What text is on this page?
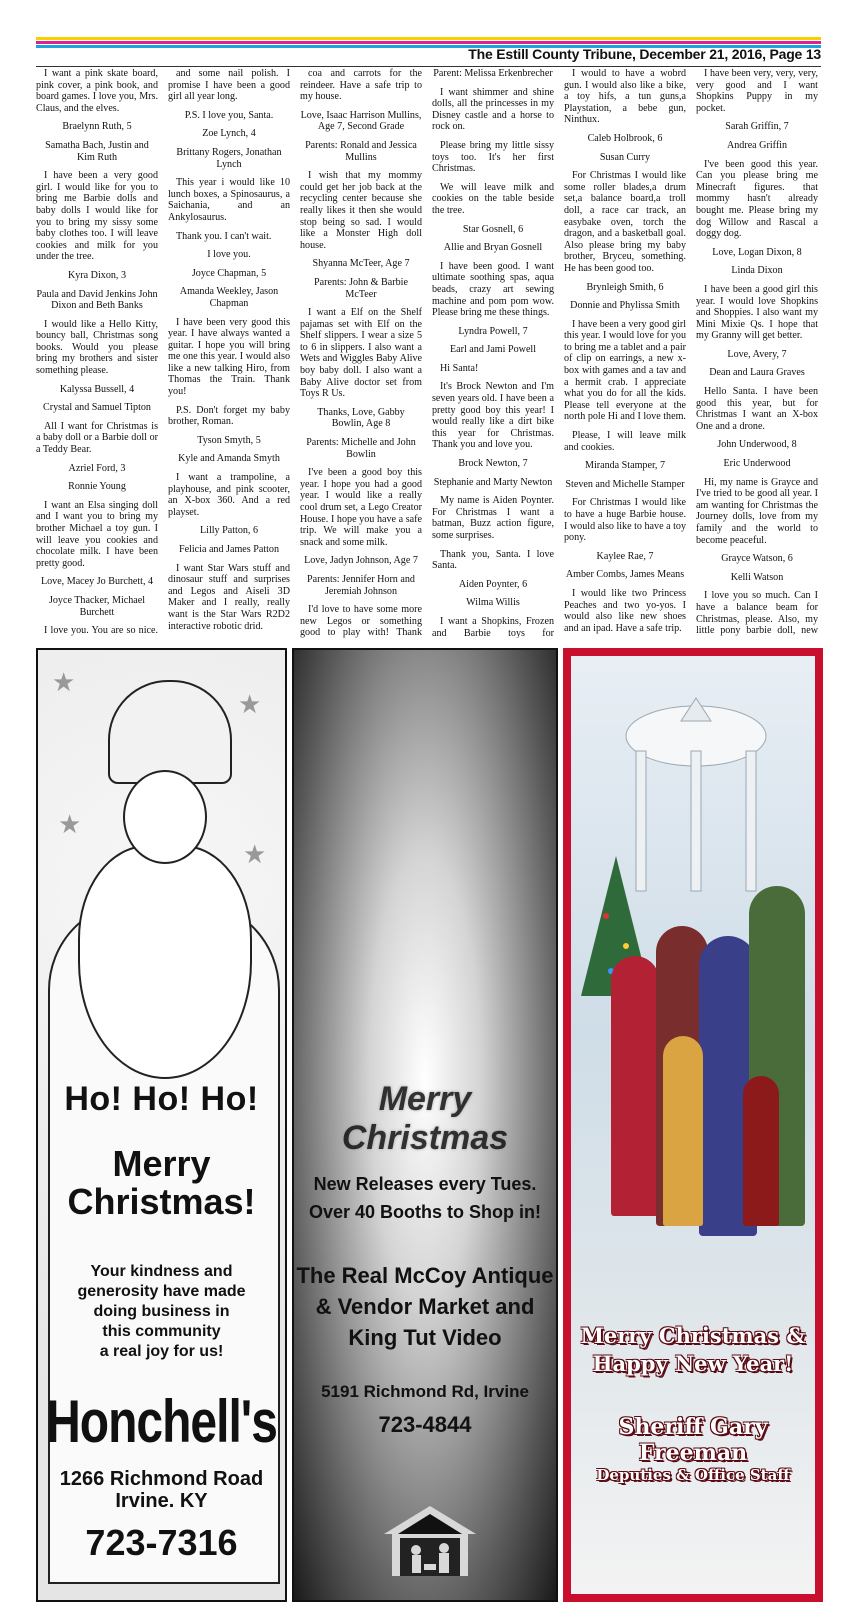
The Estill County Tribune, December 21, 2016, Page 13

I want a pink skate board, pink cover, a pink book, and board games. I love you, Mrs. Claus, and the elves.

Braelynn Ruth, 5

Samatha Bach, Justin and Kim Ruth

I have been a very good girl. I would like for you to bring me Barbie dolls and baby dolls I would like for you to bring my sissy some baby clothes too. I will leave cookies and milk for you under the tree.

Kyra Dixon, 3

Paula and David Jenkins John Dixon and Beth Banks

I would like a Hello Kitty, bouncy ball, Christmas song books. Would you please bring my brothers and sister something please.

Kalyssa Bussell, 4

Crystal and Samuel Tipton

All I want for Christmas is a baby doll or a Barbie doll or a Teddy Bear.

Azriel Ford, 3

Ronnie Young

I want an Elsa singing doll and I want you to bring my brother Michael a toy gun. I will leave you cookies and chocolate milk. I have been pretty good.

Love, Macey Jo Burchett, 4

Joyce Thacker, Michael Burchett

I love you. You are so nice.

and some nail polish. I promise I have been a good girl all year long.

P.S. I love you, Santa.

Zoe Lynch, 4

Brittany Rogers, Jonathan Lynch

This year i would like 10 lunch boxes, a Spinosaurus, a Saichania, and an Ankylosaurus.

Thank you. I can't wait.

I love you.

Joyce Chapman, 5

Amanda Weekley, Jason Chapman

I have been very good this year. I have always wanted a guitar. I hope you will bring me one this year. I would also like a new talking Hiro, from Thomas the Train. Thank you!

P.S. Don't forget my baby brother, Roman.

Tyson Smyth, 5

Kyle and Amanda Smyth

I want a trampoline, a playhouse, and pink scooter, an X-box 360. And a red playset.

Lilly Patton, 6

Felicia and James Patton

I want Star Wars stuff and dinosaur stuff and surprises and Legos and Aiseli 3D Maker and I really, really want is the Star Wars R2D2 interactive robotic drid.

coa and carrots for the reindeer. Have a safe trip to my house.

Love, Isaac Harrison Mullins, Age 7, Second Grade

Parents: Ronald and Jessica Mullins

I wish that my mommy could get her job back at the recycling center because she really likes it then she would stop being so sad. I would like a Monster High doll house.

Shyanna McTeer, Age 7

Parents: John & Barbie McTeer

I want a Elf on the Shelf pajamas set with Elf on the Shelf slippers. I wear a size 5 to 6 in slippers. I also want a Wets and Wiggles Baby Alive boy baby doll. I also want a Baby Alive doctor set from Toys R Us.

Thanks, Love, Gabby Bowlin, Age 8

Parents: Michelle and John Bowlin

I've been a good boy this year. I hope you had a good year. I would like a really cool drum set, a Lego Creator House. I hope you have a safe trip. We will make you a snack and some milk.

Love, Jadyn Johnson, Age 7

Parents: Jennifer Horn and Jeremiah Johnson

I'd love to have some more new Legos or something good to play with! Thank

Parent: Melissa Erkenbrecher

I want shimmer and shine dolls, all the princesses in my Disney castle and a horse to rock on.

Please bring my little sissy toys too. It's her first Christmas.

We will leave milk and cookies on the table beside the tree.

Star Gosnell, 6

Allie and Bryan Gosnell

I have been good. I want ultimate soothing spas, aqua beads, crazy art sewing machine and pom pom wow. Please bring me these things.

Lyndra Powell, 7

Earl and Jami Powell

Hi Santa!

It's Brock Newton and I'm seven years old. I have been a pretty good boy this year! I would really like a dirt bike this year for Christmas. Thank you and love you.

Brock Newton, 7

Stephanie and Marty Newton

My name is Aiden Poynter. For Christmas I want a batman, Buzz action figure, some surprises.

Thank you, Santa. I love Santa.

Aiden Poynter, 6

Wilma Willis

I want a Shopkins, Frozen and Barbie toys for

I would to have a wobrd gun. I would also like a bike, a toy hifs, a tun guns,a Playstation, a bebe gun, Ninthux.

Caleb Holbrook, 6

Susan Curry

For Christmas I would like some roller blades,a drum set,a balance board,a troll doll, a race car track, an easybake oven, torch the dragon, and a basketball goal. Also please bring my baby brother, Bryceu, something. He has been good too.

Brynleigh Smith, 6

Donnie and Phylissa Smith

I have been a very good girl this year. I would love for you to bring me a tablet and a pair of clip on earrings, a new x-box with games and a tav and a hermit crab. I appreciate what you do for all the kids. Please tell everyone at the north pole Hi and I love them.

Please, I will leave milk and cookies.

Miranda Stamper, 7

Steven and Michelle Stamper

For Christmas I would like to have a huge Barbie house. I would also like to have a toy pony.

Kaylee Rae, 7

Amber Combs, James Means

I would like two Princess Peaches and two yo-yos. I would also like new shoes and an ipad. Have a safe trip.

I have been very, very, very, very good and I want Shopkins Puppy in my pocket.

Sarah Griffin, 7

Andrea Griffin

I've been good this year. Can you please bring me Minecraft figures. that mommy hasn't already bought me. Please bring my dog Willow and Rascal a doggy dog.

Love, Logan Dixon, 8

Linda Dixon

I have been a good girl this year. I would love Shopkins and Shoppies. I also want my Mini Mixie Qs. I hope that my Granny will get better.

Love, Avery, 7

Dean and Laura Graves

Hello Santa. I have been good this year, but for Christmas I want an X-box One and a drone.

John Underwood, 8

Eric Underwood

Hi, my name is Grayce and I've tried to be good all year. I am wanting for Christmas the Journey dolls, love from my family and the world to become peaceful.

Grayce Watson, 6

Kelli Watson

I love you so much. Can I have a balance beam for Christmas, please. Also, my little pony barbie doll, new

★
★
★
★
Ho! Ho! Ho!
Merry
Christmas!
Your kindness and
generosity have made
doing business in
this community
a real joy for us!
Honchell's
1266 Richmond Road
Irvine. KY
723-7316
Merry Christmas
New Releases every Tues.
Over 40 Booths to Shop in!
The Real McCoy Antique
& Vendor Market and
King Tut Video
5191 Richmond Rd, Irvine
723-4844
Merry Christmas &
Happy New Year!
Sheriff Gary Freeman
Deputies & Office Staff
